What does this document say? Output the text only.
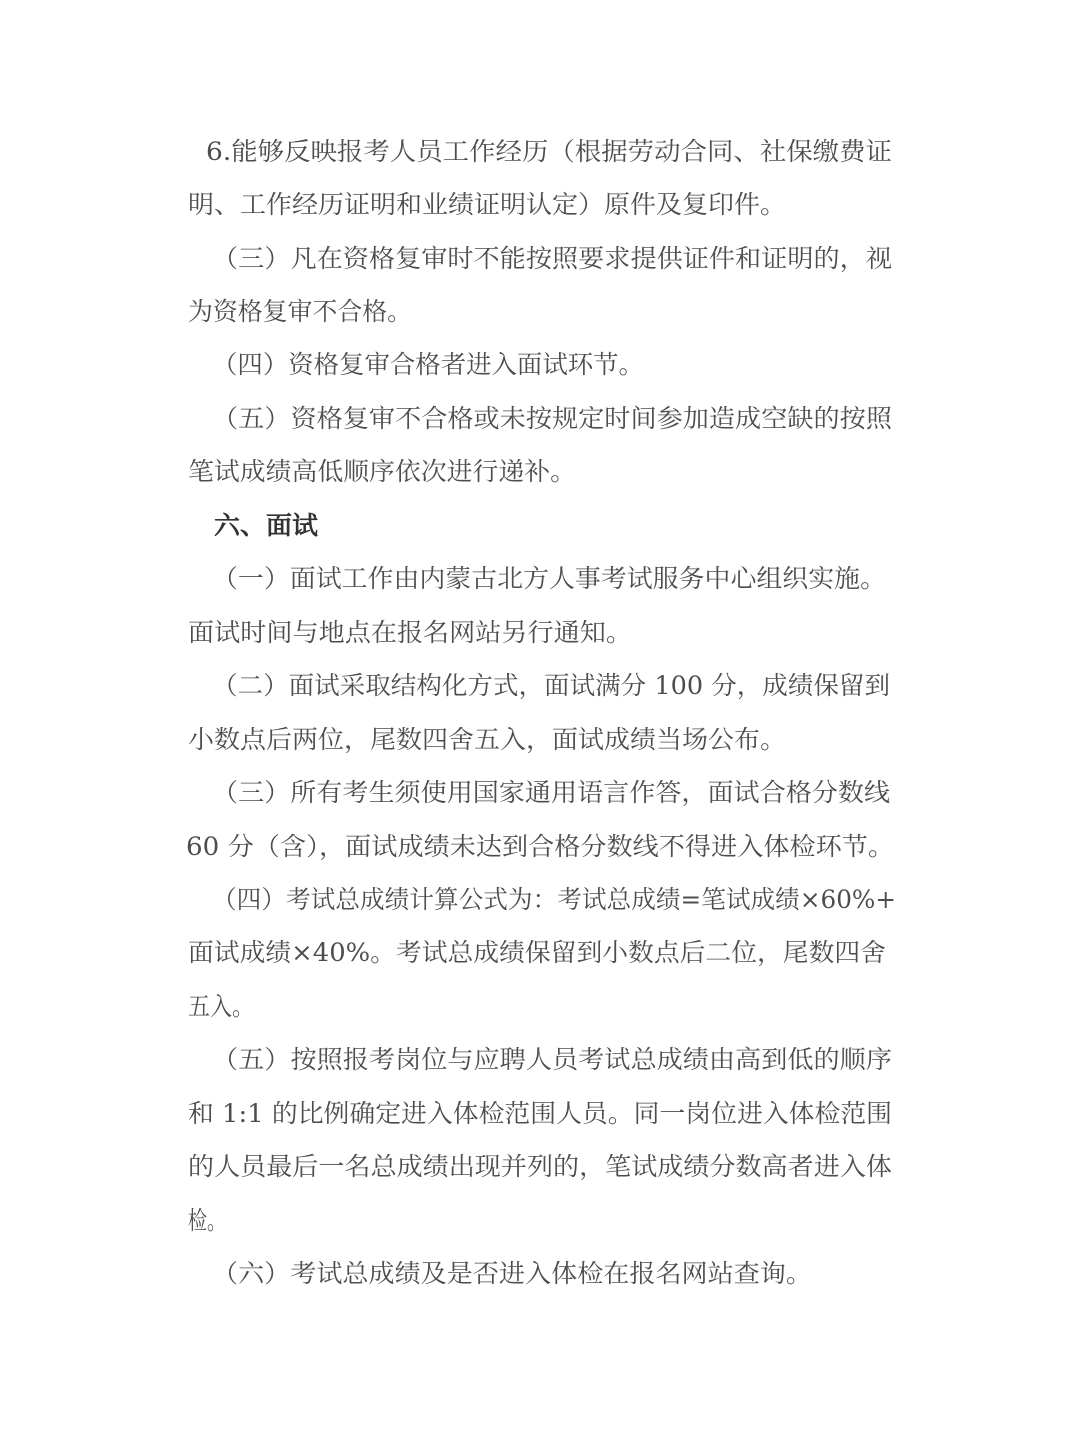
6.能够反映报考人员工作经历（根据劳动合同、社保缴费证
明、工作经历证明和业绩证明认定）原件及复印件。
（三）凡在资格复审时不能按照要求提供证件和证明的，视
为资格复审不合格。
（四）资格复审合格者进入面试环节。
（五）资格复审不合格或未按规定时间参加造成空缺的按照
笔试成绩高低顺序依次进行递补。
六、面试
（一）面试工作由内蒙古北方人事考试服务中心组织实施。
面试时间与地点在报名网站另行通知。
（二）面试采取结构化方式，面试满分 100 分，成绩保留到
小数点后两位，尾数四舍五入，面试成绩当场公布。
（三）所有考生须使用国家通用语言作答，面试合格分数线
60 分（含），面试成绩未达到合格分数线不得进入体检环节。
（四）考试总成绩计算公式为：考试总成绩=笔试成绩×60%+
面试成绩×40%。考试总成绩保留到小数点后二位，尾数四舍
五入。
（五）按照报考岗位与应聘人员考试总成绩由高到低的顺序
和 1:1 的比例确定进入体检范围人员。同一岗位进入体检范围
的人员最后一名总成绩出现并列的，笔试成绩分数高者进入体
检。
（六）考试总成绩及是否进入体检在报名网站查询。
